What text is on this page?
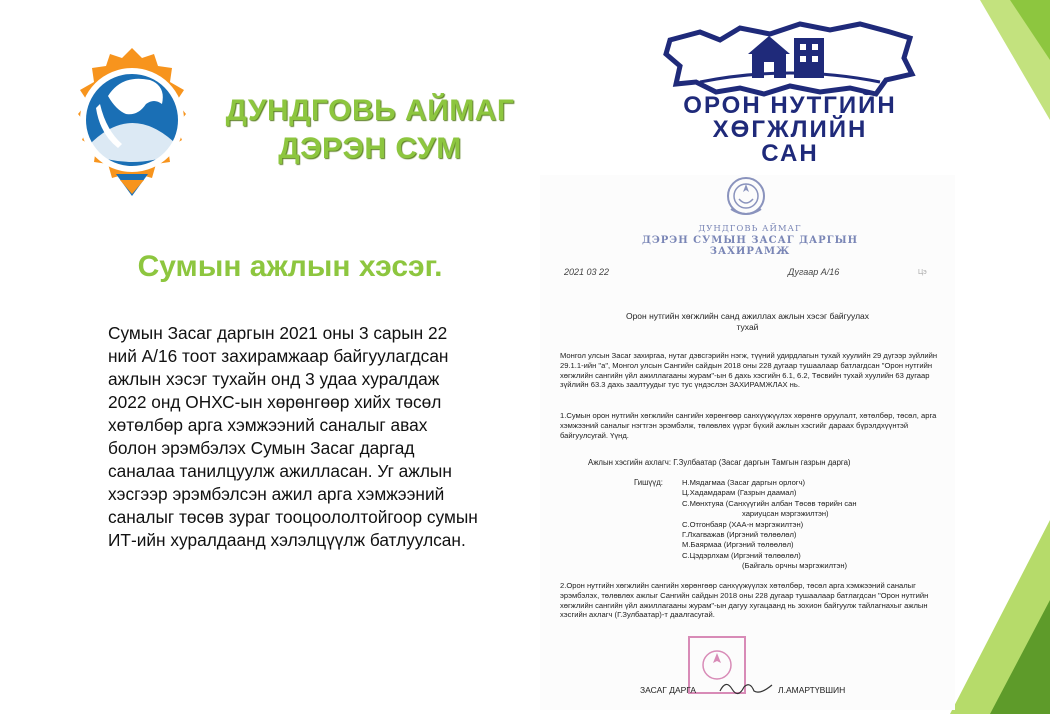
ДУНДГОВЬ АЙМАГ
ДЭРЭН СУМ
ОРОН НУТГИЙН
ХӨГЖЛИЙН
САН
Сумын ажлын хэсэг.
Сумын Засаг даргын 2021 оны 3 сарын 22 ний А/16 тоот захирамжаар байгуулагдсан ажлын хэсэг тухайн онд 3 удаа хуралдаж 2022 онд ОНХС-ын хөрөнгөөр хийх төсөл хөтөлбөр арга хэмжээний саналыг авах болон эрэмбэлэх Сумын Засаг даргад саналаа танилцуулж ажилласан. Уг ажлын хэсгээр эрэмбэлсэн ажил арга хэмжээний саналыг төсөв зураг тооцоололтойгоор сумын ИТ-ийн хуралдаанд хэлэлцүүлж батлуулсан.
ДУНДГОВЬ АЙМАГ
ДЭРЭН СУМЫН ЗАСАГ ДАРГЫН
ЗАХИРАМЖ
2021 03 22	Дугаар А/16	Цэ
Орон нутгийн хөгжлийн санд ажиллах ажлын хэсэг байгуулах тухай
Монгол улсын Засаг захиргаа, нутаг дэвсгэрийн нэгж, түүний удирдлагын тухай хуулийн 29 дүгээр зүйлийн 29.1.1-ийн "а", Монгол улсын Сангийн сайдын 2018 оны 228 дугаар тушаалаар батлагдсан "Орон нутгийн хөгжлийн сангийн үйл ажиллагааны журам"-ын 6 дахь хэсгийн 6.1, 6.2, Төсвийн тухай хуулийн 63 дугаар зүйлийн 63.3 дахь заалтуудыг тус тус үндэслэн ЗАХИРАМЖЛАХ нь.
1.Сумын орон нутгийн хөгжлийн сангийн хөрөнгөөр санхүүжүүлэх хөрөнгө оруулалт, хөтөлбөр, төсөл, арга хэмжээний саналыг нэгтгэн эрэмбэлж, төлөвлөх үүрэг бүхий ажлын хэсгийг дараах бүрэлдхүүнтэй байгуулсугай. Үүнд.
Ажлын хэсгийн ахлагч: Г.Зулбаатар (Засаг даргын Тамгын газрын дарга)
Гишүүд:	Н.Мядагмаа (Засаг даргын орлогч)
Ц.Хадамдарам (Газрын даамал)
С.Мөнхтуяа (Санхүүгийн албан Төсөв төрийн сан
хариуцсан мэргэжилтэн)
С.Отгонбаяр (ХАА-н мэргэжилтэн)
Г.Лхагважав (Иргэний төлөөлөл)
М.Баярмаа (Иргэний төлөөлөл)
С.Цэдэрлхам (Иргэний төлөөлөл)
(Байгаль орчны мэргэжилтэн)
2.Орон нутгийн хөгжлийн сангийн хөрөнгөөр санхүүжүүлэх хөтөлбөр, төсөл арга хэмжээний саналыг эрэмбэлэх, төлөвлөх ажлыг Сангийн сайдын 2018 оны 228 дугаар тушаалаар батлагдсан "Орон нутгийн хөгжлийн сангийн үйл ажиллагааны журам"-ын дагуу хугацаанд нь зохион байгуулж тайлагнахыг ажлын хэсгийн ахлагч (Г.Зулбаатар)-т даалгасугай.
ЗАСАГ ДАРГА	Л.АМАРТҮВШИН
